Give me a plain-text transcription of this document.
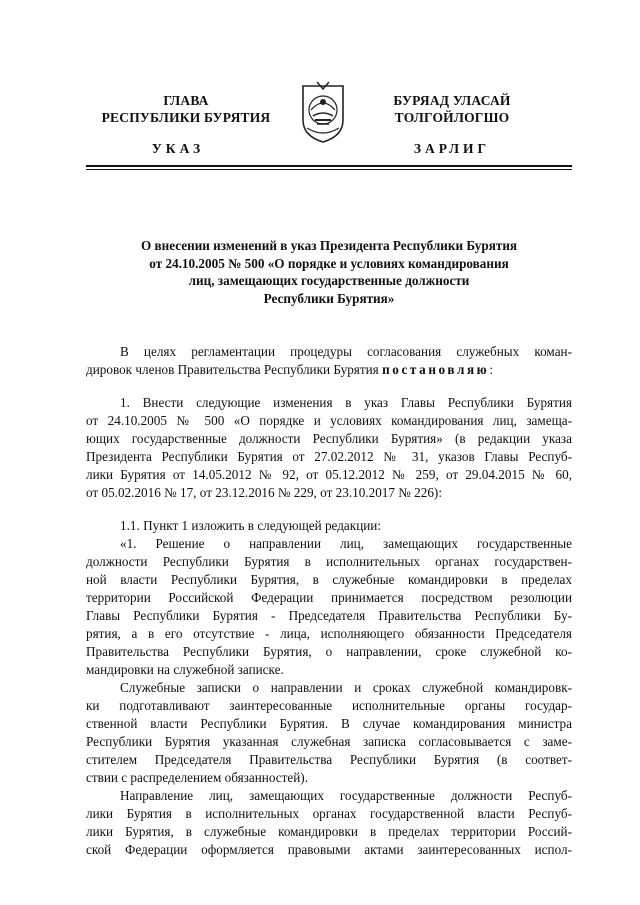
ГЛАВА
РЕСПУБЛИКИ БУРЯТИЯ
БУРЯАД УЛАСАЙ
ТОЛГОЙЛОГШО
УКАЗ	ЗАРЛИГ
О внесении изменений в указ Президента Республики Бурятия
от 24.10.2005 № 500 «О порядке и условиях командирования
лиц, замещающих государственные должности
Республики Бурятия»
В целях регламентации процедуры согласования служебных коман-
дировок членов Правительства Республики Бурятия постановляю:
1. Внести следующие изменения в указ Главы Республики Бурятия
от 24.10.2005 № 500 «О порядке и условиях командирования лиц, замеща-
ющих государственные должности Республики Бурятия» (в редакции указа
Президента Республики Бурятия от 27.02.2012 № 31, указов Главы Респуб-
лики Бурятия от 14.05.2012 № 92, от 05.12.2012 № 259, от 29.04.2015 № 60,
от 05.02.2016 № 17, от 23.12.2016 № 229, от 23.10.2017 № 226):
1.1. Пункт 1 изложить в следующей редакции:
«1. Решение о направлении лиц, замещающих государственные
должности Республики Бурятия в исполнительных органах государствен-
ной власти Республики Бурятия, в служебные командировки в пределах
территории Российской Федерации принимается посредством резолюции
Главы Республики Бурятия - Председателя Правительства Республики Бу-
рятия, а в его отсутствие - лица, исполняющего обязанности Председателя
Правительства Республики Бурятия, о направлении, сроке служебной ко-
мандировки на служебной записке.
Служебные записки о направлении и сроках служебной командировк-
ки подготавливают заинтересованные исполнительные органы государ-
ственной власти Республики Бурятия. В случае командирования министра
Республики Бурятия указанная служебная записка согласовывается с заме-
стителем Председателя Правительства Республики Бурятия (в соответ-
ствии с распределением обязанностей).
Направление лиц, замещающих государственные должности Респуб-
лики Бурятия в исполнительных органах государственной власти Респуб-
лики Бурятия, в служебные командировки в пределах территории Россий-
ской Федерации оформляется правовыми актами заинтересованных испол-
